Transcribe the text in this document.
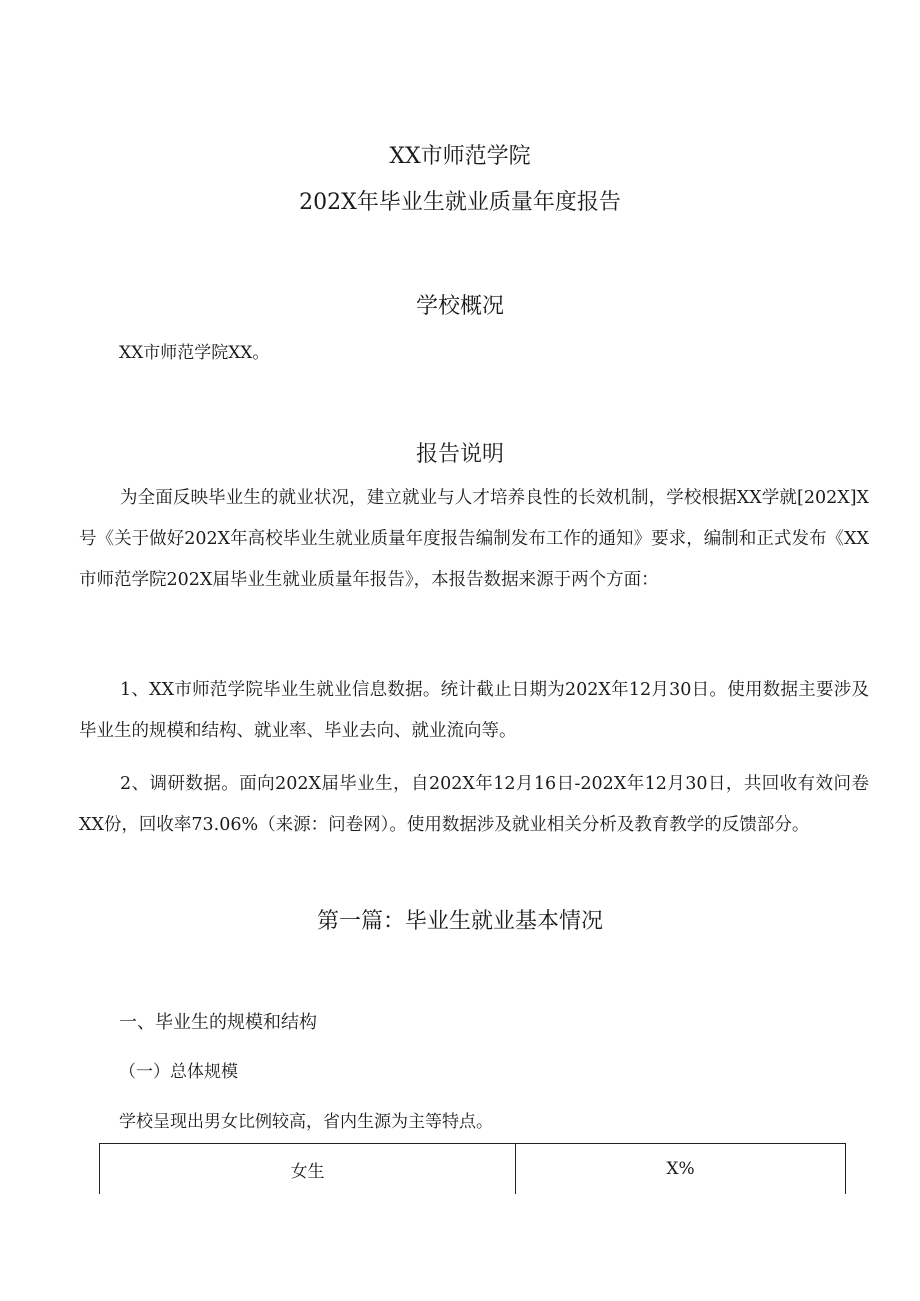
XX市师范学院
202X年毕业生就业质量年度报告
学校概况
XX市师范学院XX。
报告说明
为全面反映毕业生的就业状况，建立就业与人才培养良性的长效机制，学校根据XX学就[202X]X号《关于做好202X年高校毕业生就业质量年度报告编制发布工作的通知》要求，编制和正式发布《XX市师范学院202X届毕业生就业质量年报告》，本报告数据来源于两个方面：
1、XX市师范学院毕业生就业信息数据。统计截止日期为202X年12月30日。使用数据主要涉及毕业生的规模和结构、就业率、毕业去向、就业流向等。
2、调研数据。面向202X届毕业生，自202X年12月16日-202X年12月30日，共回收有效问卷XX份，回收率73.06%（来源：问卷网）。使用数据涉及就业相关分析及教育教学的反馈部分。
第一篇：毕业生就业基本情况
一、毕业生的规模和结构
（一）总体规模
学校呈现出男女比例较高，省内生源为主等特点。
女生	X%
